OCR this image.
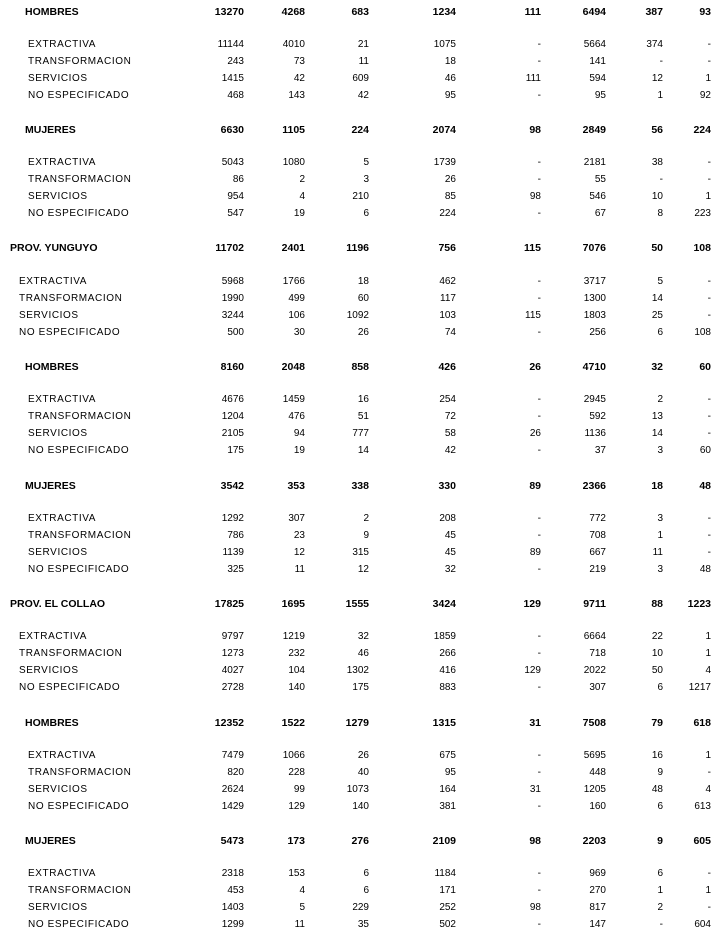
HOMBRES	13270	4268	683	1234	111	6494	387	93
EXTRACTIVA	11144	4010	21	1075	-	5664	374	-
TRANSFORMACION	243	73	11	18	-	141	-	-
SERVICIOS	1415	42	609	46	111	594	12	1
NO ESPECIFICADO	468	143	42	95	-	95	1	92
MUJERES	6630	1105	224	2074	98	2849	56	224
EXTRACTIVA	5043	1080	5	1739	-	2181	38	-
TRANSFORMACION	86	2	3	26	-	55	-	-
SERVICIOS	954	4	210	85	98	546	10	1
NO ESPECIFICADO	547	19	6	224	-	67	8	223
PROV. YUNGUYO	11702	2401	1196	756	115	7076	50	108
EXTRACTIVA	5968	1766	18	462	-	3717	5	-
TRANSFORMACION	1990	499	60	117	-	1300	14	-
SERVICIOS	3244	106	1092	103	115	1803	25	-
NO ESPECIFICADO	500	30	26	74	-	256	6	108
HOMBRES	8160	2048	858	426	26	4710	32	60
EXTRACTIVA	4676	1459	16	254	-	2945	2	-
TRANSFORMACION	1204	476	51	72	-	592	13	-
SERVICIOS	2105	94	777	58	26	1136	14	-
NO ESPECIFICADO	175	19	14	42	-	37	3	60
MUJERES	3542	353	338	330	89	2366	18	48
EXTRACTIVA	1292	307	2	208	-	772	3	-
TRANSFORMACION	786	23	9	45	-	708	1	-
SERVICIOS	1139	12	315	45	89	667	11	-
NO ESPECIFICADO	325	11	12	32	-	219	3	48
PROV. EL COLLAO	17825	1695	1555	3424	129	9711	88	1223
EXTRACTIVA	9797	1219	32	1859	-	6664	22	1
TRANSFORMACION	1273	232	46	266	-	718	10	1
SERVICIOS	4027	104	1302	416	129	2022	50	4
NO ESPECIFICADO	2728	140	175	883	-	307	6	1217
HOMBRES	12352	1522	1279	1315	31	7508	79	618
EXTRACTIVA	7479	1066	26	675	-	5695	16	1
TRANSFORMACION	820	228	40	95	-	448	9	-
SERVICIOS	2624	99	1073	164	31	1205	48	4
NO ESPECIFICADO	1429	129	140	381	-	160	6	613
MUJERES	5473	173	276	2109	98	2203	9	605
EXTRACTIVA	2318	153	6	1184	-	969	6	-
TRANSFORMACION	453	4	6	171	-	270	1	1
SERVICIOS	1403	5	229	252	98	817	2	-
NO ESPECIFICADO	1299	11	35	502	-	147	-	604
